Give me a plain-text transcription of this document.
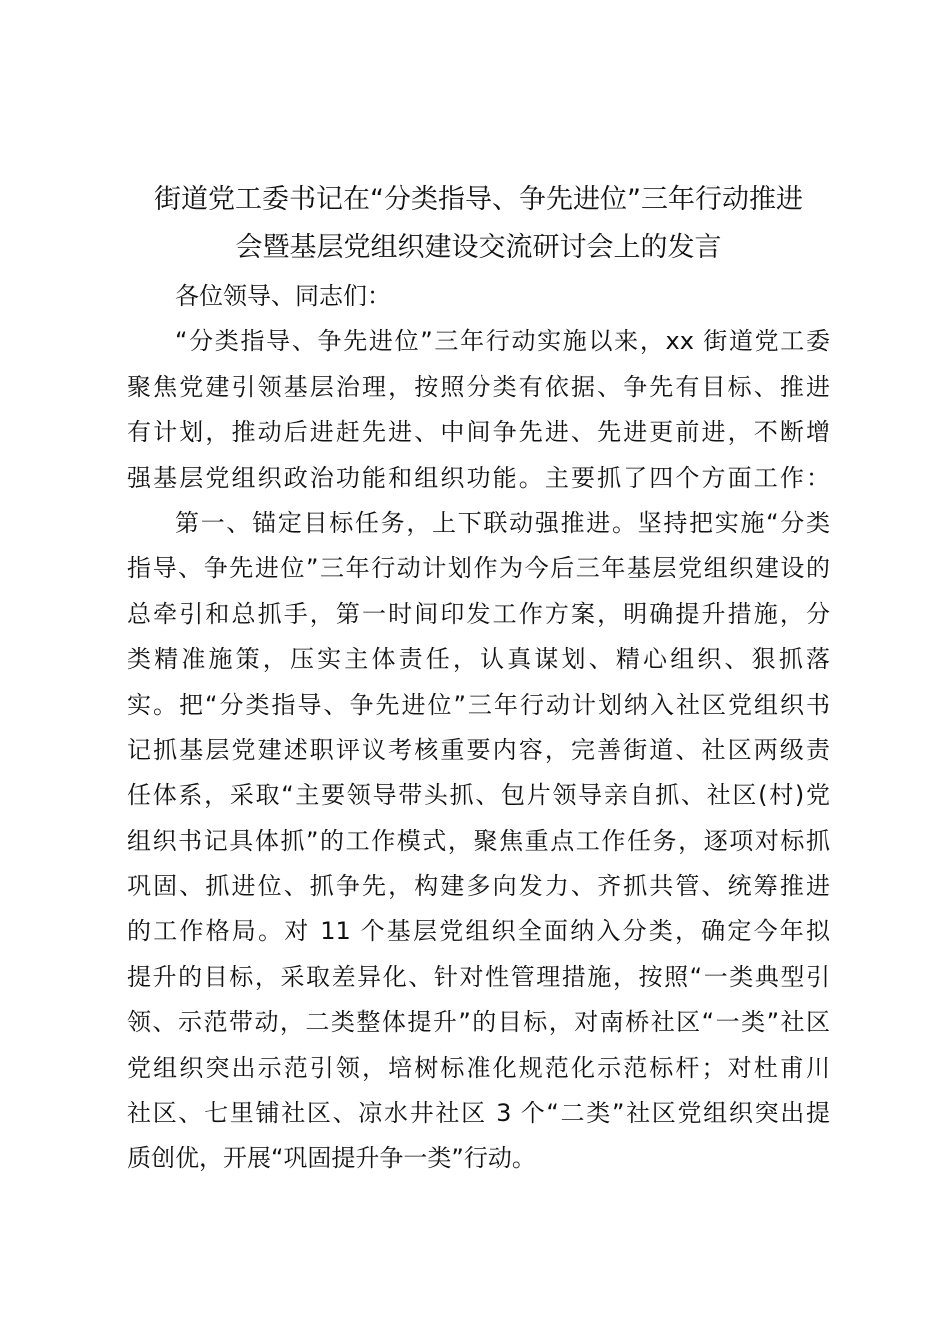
街道党工委书记在“分类指导、争先进位”三年行动推进
会暨基层党组织建设交流研讨会上的发言
各位领导、同志们：
“分类指导、争先进位”三年行动实施以来，xx 街道党工委
聚焦党建引领基层治理，按照分类有依据、争先有目标、推进
有计划，推动后进赶先进、中间争先进、先进更前进，不断增
强基层党组织政治功能和组织功能。主要抓了四个方面工作：
第一、锚定目标任务，上下联动强推进。坚持把实施“分类
指导、争先进位”三年行动计划作为今后三年基层党组织建设的
总牵引和总抓手，第一时间印发工作方案，明确提升措施，分
类精准施策，压实主体责任，认真谋划、精心组织、狠抓落
实。把“分类指导、争先进位”三年行动计划纳入社区党组织书
记抓基层党建述职评议考核重要内容，完善街道、社区两级责
任体系，采取“主要领导带头抓、包片领导亲自抓、社区(村)党
组织书记具体抓”的工作模式，聚焦重点工作任务，逐项对标抓
巩固、抓进位、抓争先，构建多向发力、齐抓共管、统筹推进
的工作格局。对 11 个基层党组织全面纳入分类，确定今年拟
提升的目标，采取差异化、针对性管理措施，按照“一类典型引
领、示范带动，二类整体提升”的目标，对南桥社区“一类”社区
党组织突出示范引领，培树标准化规范化示范标杆；对杜甫川
社区、七里铺社区、凉水井社区 3 个“二类”社区党组织突出提
质创优，开展“巩固提升争一类”行动。
